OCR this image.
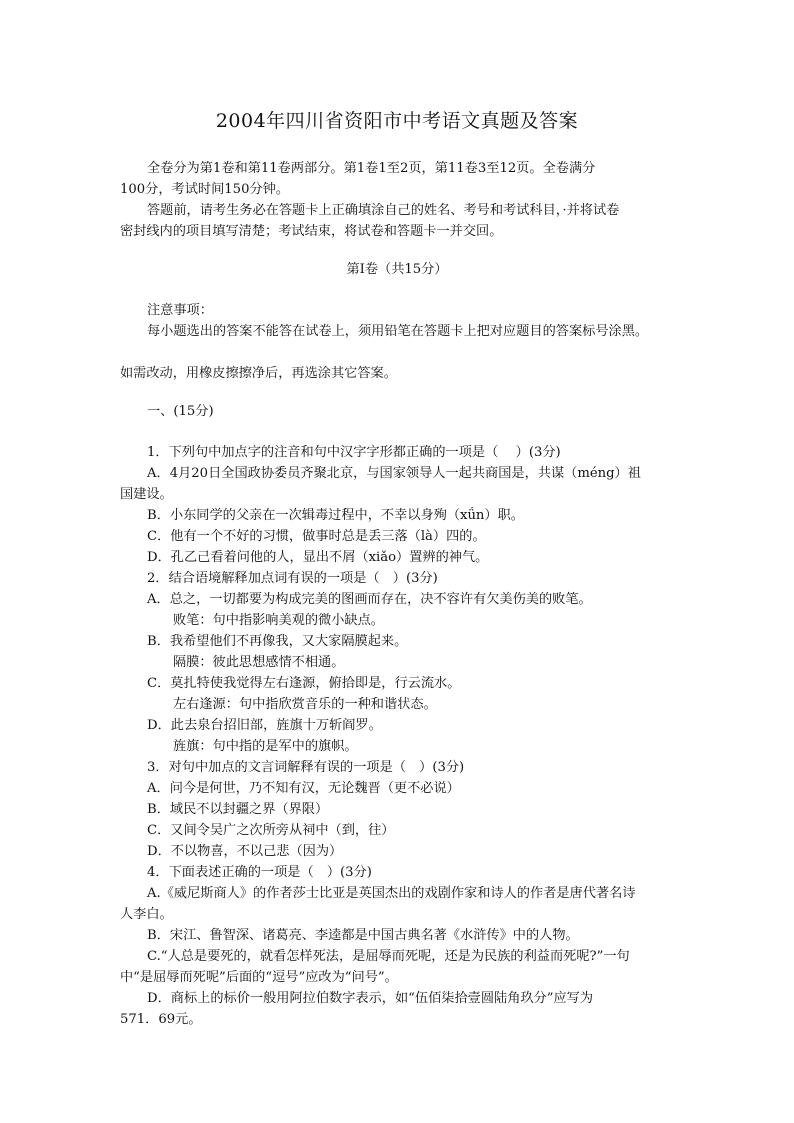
2004年四川省资阳市中考语文真题及答案
全卷分为第1卷和第11卷两部分。第1卷1至2页，第11卷3至12页。全卷满分
100分，考试时间150分钟。
答题前，请考生务必在答题卡上正确填涂自己的姓名、考号和考试科目，·并将试卷
密封线内的项目填写清楚；考试结束，将试卷和答题卡一并交回。
第Ⅰ卷（共15分）
注意事项：
每小题选出的答案不能答在试卷上，须用铅笔在答题卡上把对应题目的答案标号涂黑。
如需改动，用橡皮擦擦净后，再选涂其它答案。
一、(15分)
1．下列句中加点字的注音和句中汉字字形都正确的一项是（　 ）(3分)
A．4月20日全国政协委员齐聚北京，与国家领导人一起共商国是，共谋（méng）祖
国建设。
B．小东同学的父亲在一次辑毒过程中，不幸以身殉（xǘn）职。
C．他有一个不好的习惯，做事时总是丢三落（là）四的。
D．孔乙己看着问他的人，显出不屑（xiǎo）置辨的神气。
2．结合语境解释加点词有误的一项是（　）(3分)
A．总之，一切都要为构成完美的图画而存在，决不容许有欠美伤美的败笔。
败笔：句中指影响美观的微小缺点。
B．我希望他们不再像我，又大家隔膜起来。
隔膜：彼此思想感情不相通。
C．莫扎特使我觉得左右逢源，俯拾即是，行云流水。
左右逢源：句中指欣赏音乐的一种和谐状态。
D．此去泉台招旧部，旌旗十万斩阎罗。
旌旗：句中指的是军中的旗帜。
3．对句中加点的文言词解释有误的一项是（　）(3分)
A．问今是何世，乃不知有汉，无论魏晋（更不必说）
B．域民不以封疆之界（界限）
C．又间令吴广之次所旁从祠中（到，往）
D．不以物喜，不以己悲（因为）
4．下面表述正确的一项是（　）(3分)
A.《威尼斯商人》的作者莎士比亚是英国杰出的戏剧作家和诗人的作者是唐代著名诗
人李白。
B．宋江、鲁智深、诸葛亮、李逵都是中国古典名著《水浒传》中的人物。
C.“人总是要死的，就看怎样死法，是屈辱而死呢，还是为民族的利益而死呢?”一句
中“是屈辱而死呢”后面的“逗号”应改为“问号”。
D．商标上的标价一般用阿拉伯数字表示，如“伍佰柒拾壹圆陆角玖分”应写为
571．69元。
